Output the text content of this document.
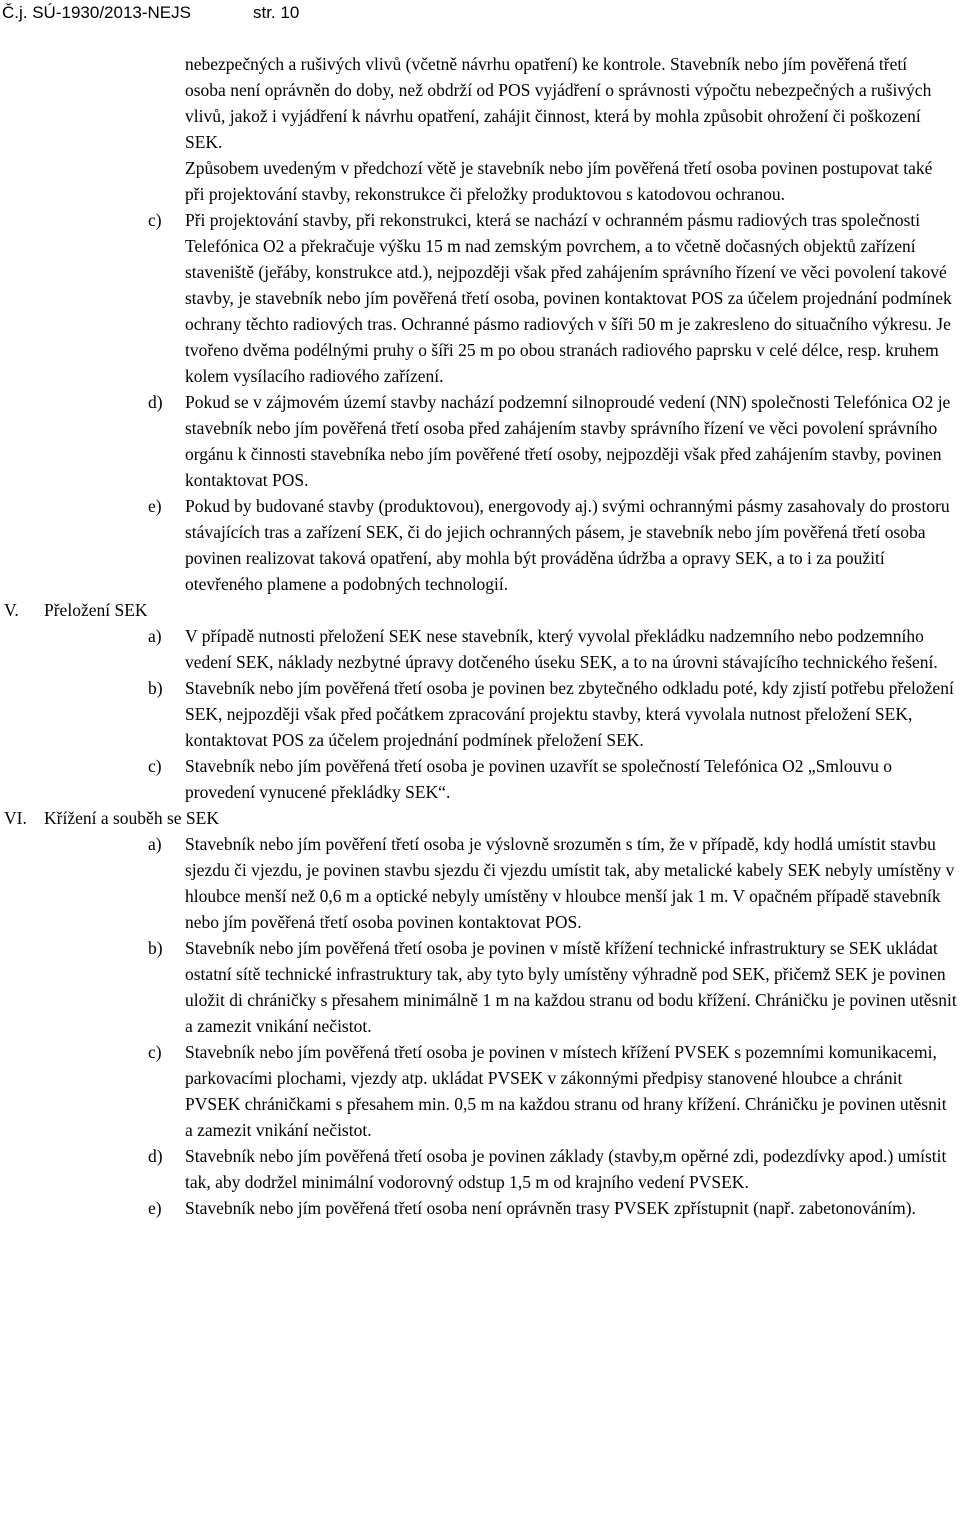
Č.j. SÚ-1930/2013-NEJS	str. 10

nebezpečných a rušivých vlivů (včetně návrhu opatření) ke kontrole. Stavebník nebo jím pověřená třetí osoba není oprávněn do doby, než obdrží od POS vyjádření o správnosti výpočtu nebezpečných a rušivých vlivů, jakož i vyjádření k návrhu opatření, zahájit činnost, která by mohla způsobit ohrožení či poškození SEK.

Způsobem uvedeným v předchozí větě je stavebník nebo jím pověřená třetí osoba povinen postupovat také při projektování stavby, rekonstrukce či přeložky produktovou s katodovou ochranou.

c)	Při projektování stavby, při rekonstrukci, která se nachází v ochranném pásmu radiových tras společnosti Telefónica O2 a překračuje výšku 15 m nad zemským povrchem, a to včetně dočasných objektů zařízení staveniště (jeřáby, konstrukce atd.), nejpozději však před zahájením správního řízení ve věci povolení takové stavby, je stavebník nebo jím pověřená třetí osoba, povinen kontaktovat POS za účelem projednání podmínek ochrany těchto radiových tras. Ochranné pásmo radiových v šíři 50 m je zakresleno do situačního výkresu. Je tvořeno dvěma podélnými pruhy o šíři 25 m po obou stranách radiového paprsku v celé délce, resp. kruhem kolem vysílacího radiového zařízení.

d)	Pokud se v zájmovém území stavby nachází podzemní silnoproudé vedení (NN) společnosti Telefónica O2 je stavebník nebo jím pověřená třetí osoba před zahájením stavby správního řízení ve věci povolení správního orgánu k činnosti stavebníka nebo jím pověřené třetí osoby, nejpozději však před zahájením stavby, povinen kontaktovat POS.

e)	Pokud by budované stavby (produktovou), energovody aj.) svými ochrannými pásmy zasahovaly do prostoru stávajících tras a zařízení SEK, či do jejich ochranných pásem, je stavebník nebo jím pověřená třetí osoba povinen realizovat taková opatření, aby mohla být prováděna údržba a opravy SEK, a to i za použití otevřeného plamene a podobných technologií.

V.	Přeložení SEK
a)	V případě nutnosti přeložení SEK nese stavebník, který vyvolal překládku nadzemního nebo podzemního vedení SEK, náklady nezbytné úpravy dotčeného úseku SEK, a to na úrovni stávajícího technického řešení.

b)	Stavebník nebo jím pověřená třetí osoba je povinen bez zbytečného odkladu poté, kdy zjistí potřebu přeložení SEK, nejpozději však před počátkem zpracování projektu stavby, která vyvolala nutnost přeložení SEK, kontaktovat POS za účelem projednání podmínek přeložení SEK.

c)	Stavebník nebo jím pověřená třetí osoba je povinen uzavřít se společností Telefónica O2 „Smlouvu o provedení vynucené překládky SEK“.

VI. Křížení a souběh se SEK
a)	Stavebník nebo jím pověření třetí osoba je výslovně srozuměn s tím, že v případě, kdy hodlá umístit stavbu sjezdu či vjezdu, je povinen stavbu sjezdu či vjezdu umístit tak, aby metalické kabely SEK nebyly umístěny v hloubce menší než 0,6 m a optické nebyly umístěny v hloubce menší jak 1 m. V opačném případě stavebník nebo jím pověřená třetí osoba povinen kontaktovat POS.

b)	Stavebník nebo jím pověřená třetí osoba je povinen v místě křížení technické infrastruktury se SEK ukládat ostatní sítě technické infrastruktury tak, aby tyto byly umístěny výhradně pod SEK, přičemž SEK je povinen uložit di chráničky s přesahem minimálně 1 m na každou stranu od bodu křížení. Chráničku je povinen utěsnit a zamezit vnikání nečistot.

c)	Stavebník nebo jím pověřená třetí osoba je povinen v místech křížení PVSEK s pozemními komunikacemi, parkovacími plochami, vjezdy atp. ukládat PVSEK v zákonnými předpisy stanovené hloubce a chránit PVSEK chráničkami s přesahem min. 0,5 m na každou stranu od hrany křížení. Chráničku je povinen utěsnit a zamezit vnikání nečistot.

d)	Stavebník nebo jím pověřená třetí osoba je povinen základy (stavby,m opěrné zdi, podezdívky apod.) umístit tak, aby dodržel minimální vodorovný odstup 1,5 m od krajního vedení PVSEK.

e)	Stavebník nebo jím pověřená třetí osoba není oprávněn trasy PVSEK zpřístupnit (např. zabetonováním).
